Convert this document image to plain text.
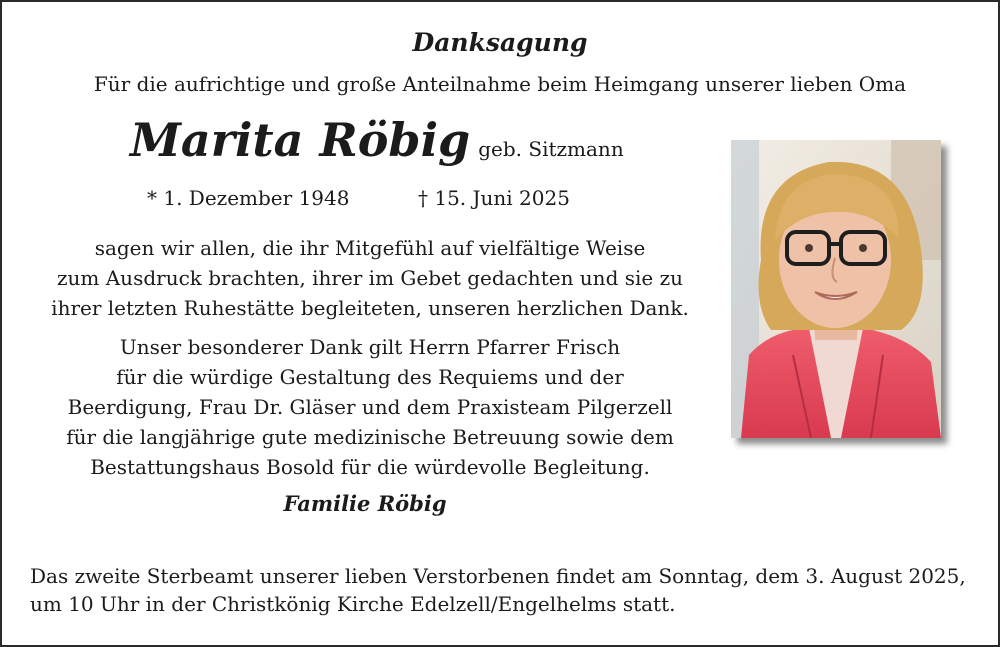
Danksagung
Für die aufrichtige und große Anteilnahme beim Heimgang unserer lieben Oma
Marita Röbig geb. Sitzmann
* 1. Dezember 1948	† 15. Juni 2025
sagen wir allen, die ihr Mitgefühl auf vielfältige Weise
zum Ausdruck brachten, ihrer im Gebet gedachten und sie zu
ihrer letzten Ruhestätte begleiteten, unseren herzlichen Dank.
Unser besonderer Dank gilt Herrn Pfarrer Frisch
für die würdige Gestaltung des Requiems und der
Beerdigung, Frau Dr. Gläser und dem Praxisteam Pilgerzell
für die langjährige gute medizinische Betreuung sowie dem
Bestattungshaus Bosold für die würdevolle Begleitung.
Familie Röbig
Das zweite Sterbeamt unserer lieben Verstorbenen findet am Sonntag, dem 3. August 2025,
um 10 Uhr in der Christkönig Kirche Edelzell/Engelhelms statt.
